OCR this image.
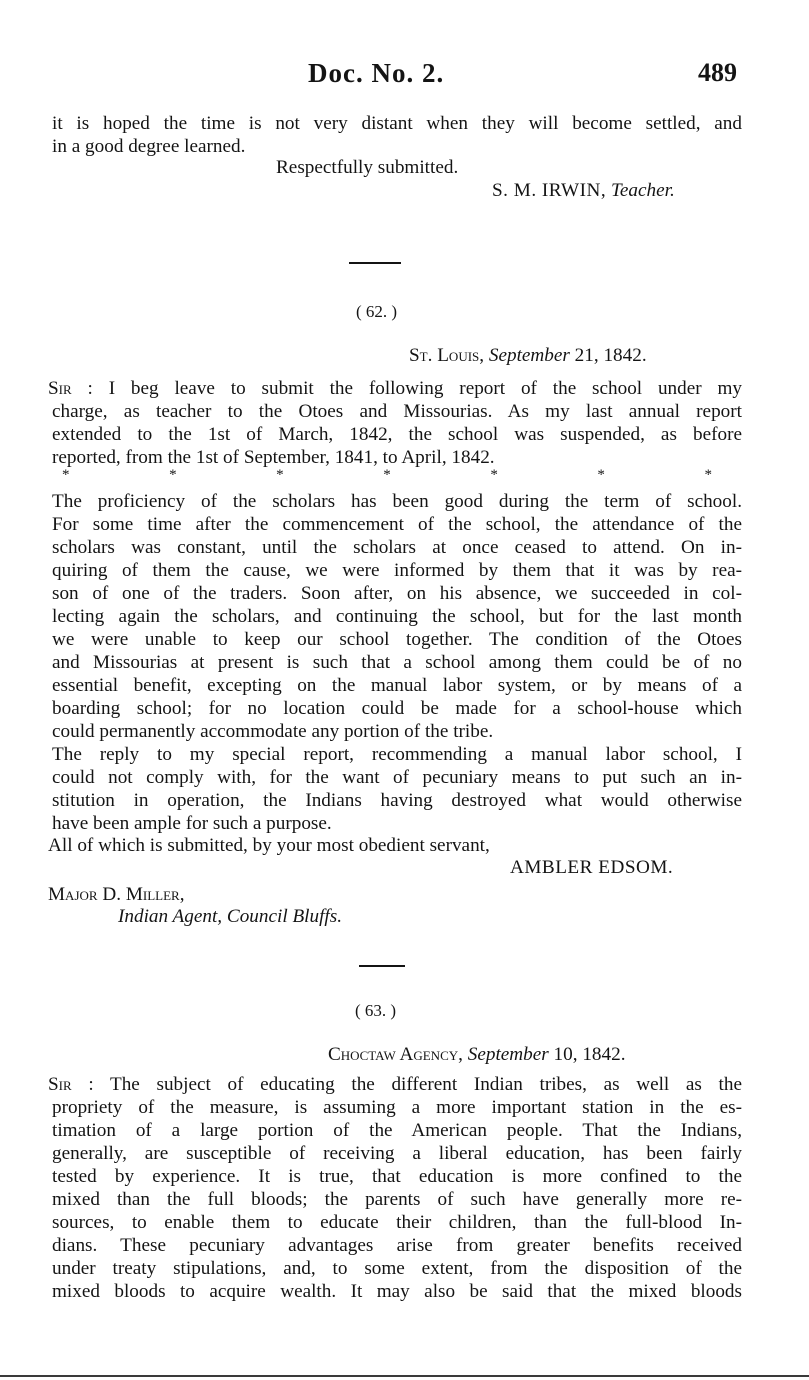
Doc. No. 2.	489
it is hoped the time is not very distant when they will become settled, and
in a good degree learned.
Respectfully submitted.
S. M. IRWIN, Teacher.
( 62. )
St. Louis, September 21, 1842.
Sir : I beg leave to submit the following report of the school under my
charge, as teacher to the Otoes and Missourias. As my last annual report
extended to the 1st of March, 1842, the school was suspended, as before
reported, from the 1st of September, 1841, to April, 1842.
*	*	*	*	*	*	*
The proficiency of the scholars has been good during the term of school.
For some time after the commencement of the school, the attendance of the
scholars was constant, until the scholars at once ceased to attend. On in-
quiring of them the cause, we were informed by them that it was by rea-
son of one of the traders. Soon after, on his absence, we succeeded in col-
lecting again the scholars, and continuing the school, but for the last month
we were unable to keep our school together. The condition of the Otoes
and Missourias at present is such that a school among them could be of no
essential benefit, excepting on the manual labor system, or by means of a
boarding school; for no location could be made for a school-house which
could permanently accommodate any portion of the tribe.
The reply to my special report, recommending a manual labor school, I
could not comply with, for the want of pecuniary means to put such an in-
stitution in operation, the Indians having destroyed what would otherwise
have been ample for such a purpose.
All of which is submitted, by your most obedient servant,
AMBLER EDSOM.
Major D. Miller,
Indian Agent, Council Bluffs.
( 63. )
Choctaw Agency, September 10, 1842.
Sir : The subject of educating the different Indian tribes, as well as the
propriety of the measure, is assuming a more important station in the es-
timation of a large portion of the American people. That the Indians,
generally, are susceptible of receiving a liberal education, has been fairly
tested by experience. It is true, that education is more confined to the
mixed than the full bloods; the parents of such have generally more re-
sources, to enable them to educate their children, than the full-blood In-
dians. These pecuniary advantages arise from greater benefits received
under treaty stipulations, and, to some extent, from the disposition of the
mixed bloods to acquire wealth. It may also be said that the mixed bloods
